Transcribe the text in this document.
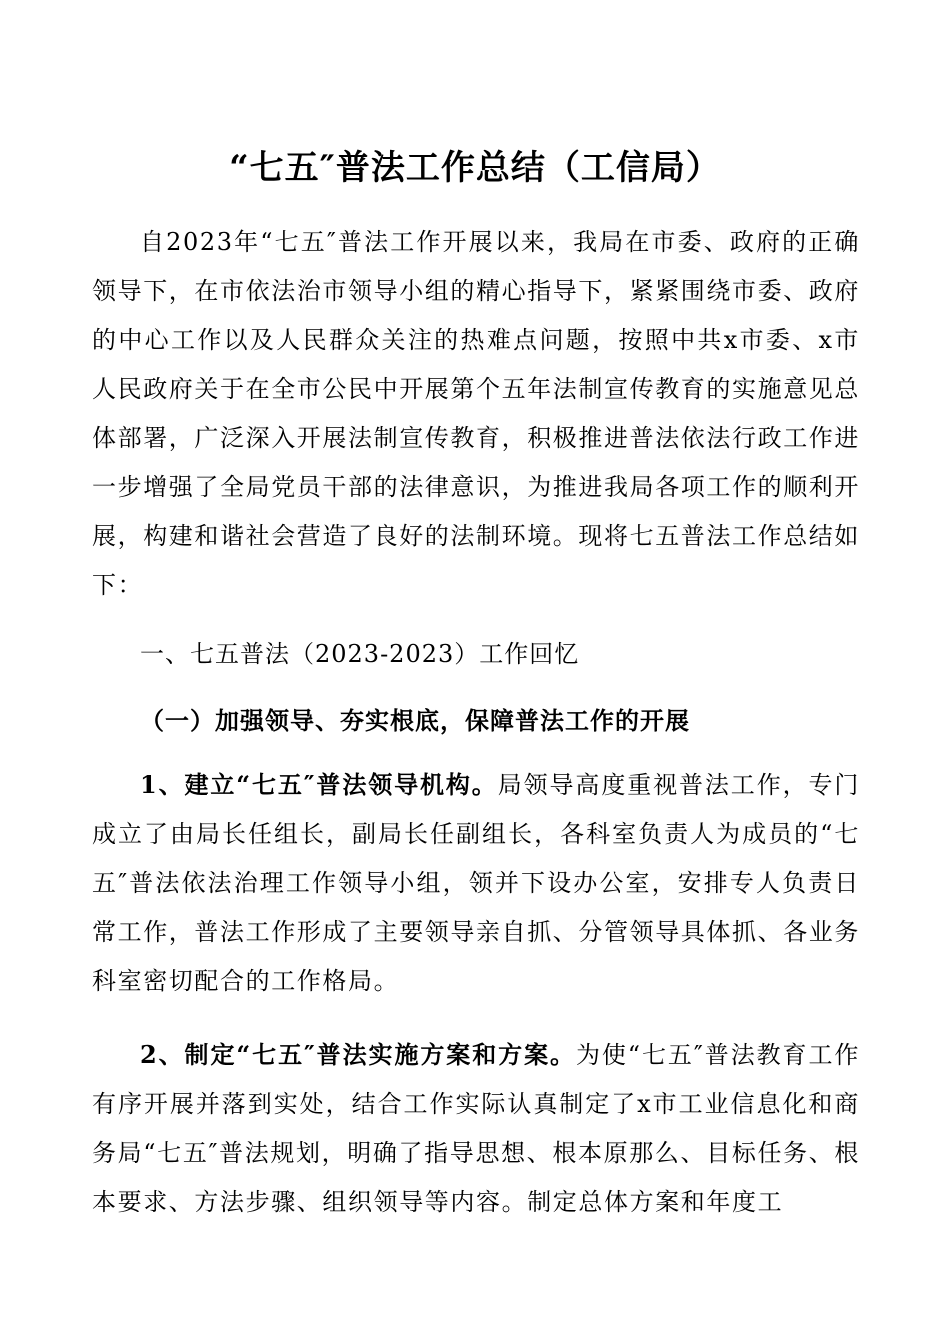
“七五″普法工作总结（工信局）

自2023年“七五″普法工作开展以来，我局在市委、政府的正确领导下，在市依法治市领导小组的精心指导下，紧紧围绕市委、政府的中心工作以及人民群众关注的热难点问题，按照中共x市委、x市人民政府关于在全市公民中开展第个五年法制宣传教育的实施意见总体部署，广泛深入开展法制宣传教育，积极推进普法依法行政工作进一步增强了全局党员干部的法律意识，为推进我局各项工作的顺利开展，构建和谐社会营造了良好的法制环境。现将七五普法工作总结如下：

一、七五普法（2023-2023）工作回忆
（一）加强领导、夯实根底，保障普法工作的开展

1、建立“七五″普法领导机构。局领导高度重视普法工作，专门成立了由局长任组长，副局长任副组长，各科室负责人为成员的“七五″普法依法治理工作领导小组，领并下设办公室，安排专人负责日常工作，普法工作形成了主要领导亲自抓、分管领导具体抓、各业务科室密切配合的工作格局。

2、制定“七五″普法实施方案和方案。为使“七五″普法教育工作有序开展并落到实处，结合工作实际认真制定了x市工业信息化和商务局“七五″普法规划，明确了指导思想、根本原那么、目标任务、根本要求、方法步骤、组织领导等内容。制定总体方案和年度工
